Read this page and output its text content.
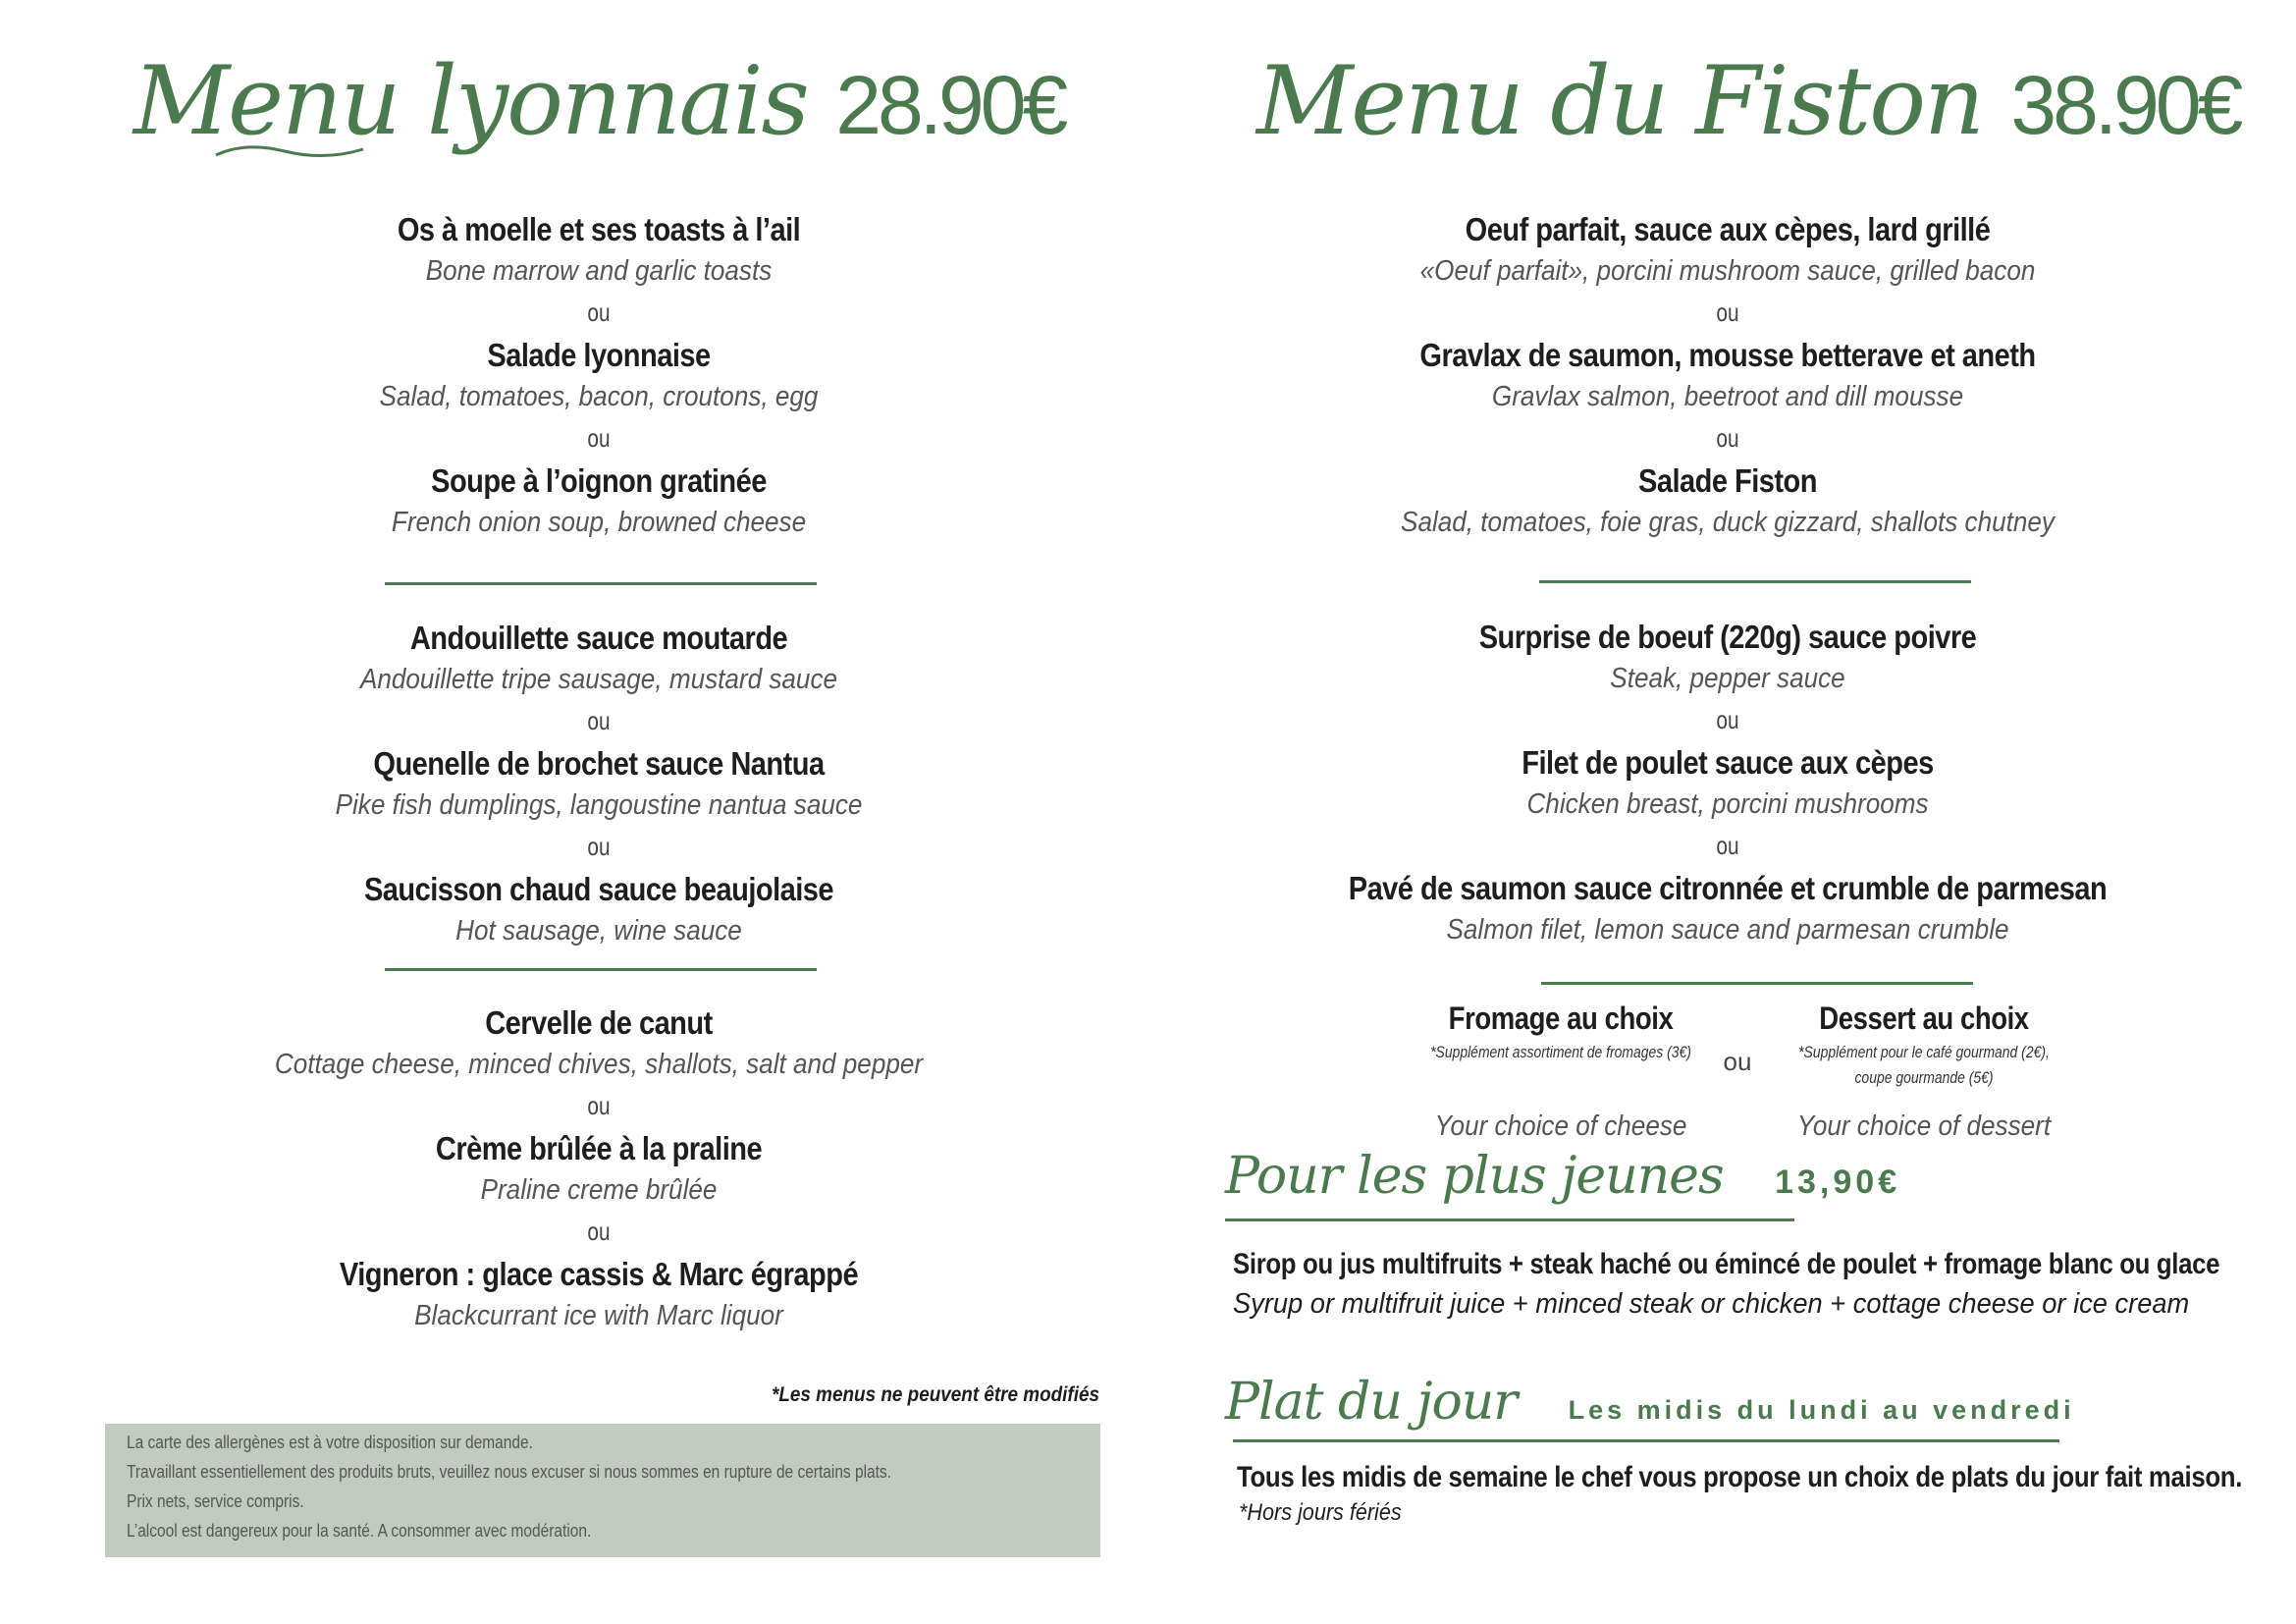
Menu lyonnais 28.90€
Os à moelle et ses toasts à l’ail
Bone marrow and garlic toasts
ou
Salade lyonnaise
Salad, tomatoes, bacon, croutons, egg
ou
Soupe à l’oignon gratinée
French onion soup, browned cheese
Andouillette sauce moutarde
Andouillette tripe sausage, mustard sauce
ou
Quenelle de brochet sauce Nantua
Pike fish dumplings, langoustine nantua sauce
ou
Saucisson chaud sauce beaujolaise
Hot sausage, wine sauce
Cervelle de canut
Cottage cheese, minced chives, shallots, salt and pepper
ou
Crème brûlée à la praline
Praline creme brûlée
ou
Vigneron : glace cassis & Marc égrappé
Blackcurrant ice with Marc liquor
Menu du Fiston 38.90€
Oeuf parfait, sauce aux cèpes, lard grillé
«Oeuf parfait», porcini mushroom sauce, grilled bacon
ou
Gravlax de saumon, mousse betterave et aneth
Gravlax salmon, beetroot and dill mousse
ou
Salade Fiston
Salad, tomatoes, foie gras, duck gizzard, shallots chutney
Surprise de boeuf (220g) sauce poivre
Steak, pepper sauce
ou
Filet de poulet sauce aux cèpes
Chicken breast, porcini mushrooms
ou
Pavé de saumon sauce citronnée et crumble de parmesan
Salmon filet, lemon sauce and parmesan crumble
Fromage au choix
*Supplément assortiment de fromages (3€)
Your choice of cheese
ou
Dessert au choix
*Supplément pour le café gourmand (2€),
coupe gourmande (5€)
Your choice of dessert
Pour les plus jeunes 13,90€
Sirop ou jus multifruits + steak haché ou émincé de poulet + fromage blanc ou glace
Syrup or multifruit juice + minced steak or chicken + cottage cheese or ice cream
Plat du jour Les midis du lundi au vendredi
Tous les midis de semaine le chef vous propose un choix de plats du jour fait maison.
*Hors jours fériés
*Les menus ne peuvent être modifiés
La carte des allergènes est à votre disposition sur demande.
Travaillant essentiellement des produits bruts, veuillez nous excuser si nous sommes en rupture de certains plats.
Prix nets, service compris.
L’alcool est dangereux pour la santé. A consommer avec modération.
